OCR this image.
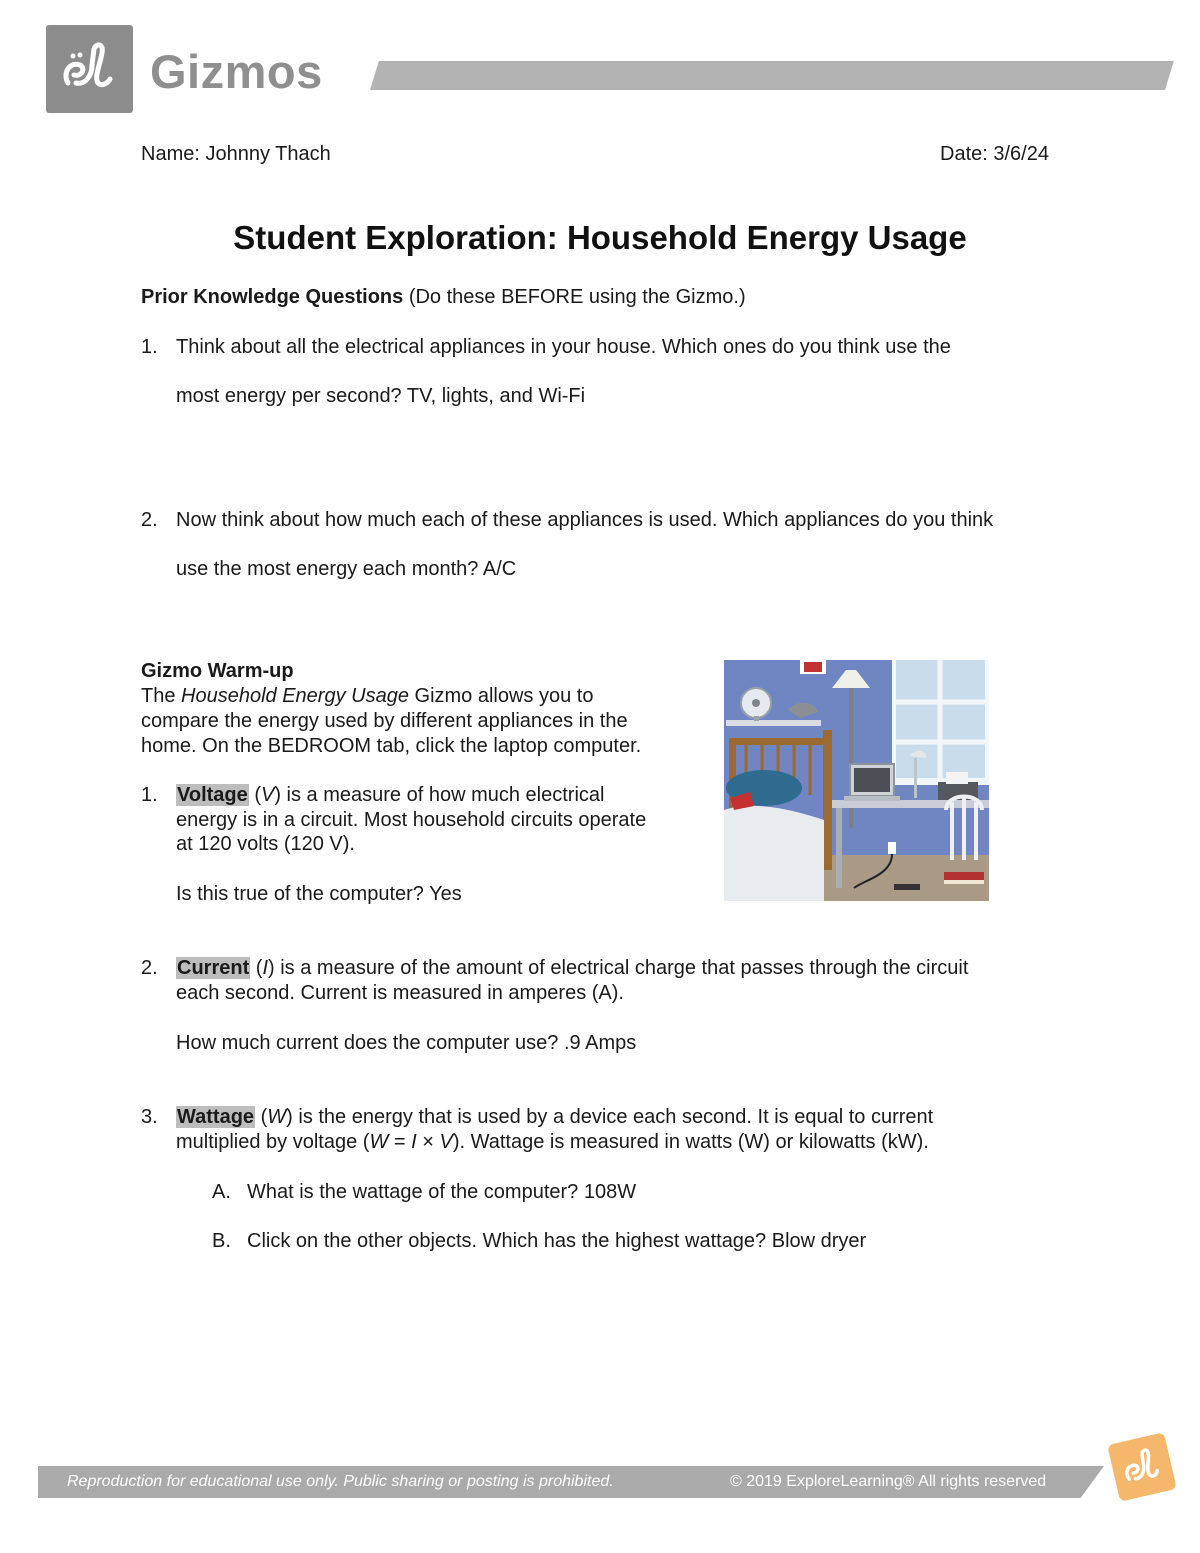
Gizmos
Name: Johnny Thach	Date: 3/6/24
Student Exploration: Household Energy Usage
Prior Knowledge Questions (Do these BEFORE using the Gizmo.)
1. Think about all the electrical appliances in your house. Which ones do you think use the
most energy per second? TV, lights, and Wi-Fi
2. Now think about how much each of these appliances is used. Which appliances do you think
use the most energy each month? A/C
Gizmo Warm-up
The Household Energy Usage Gizmo allows you to
compare the energy used by different appliances in the
home. On the BEDROOM tab, click the laptop computer.
1. Voltage (V) is a measure of how much electrical
energy is in a circuit. Most household circuits operate
at 120 volts (120 V).
Is this true of the computer? Yes
2. Current (I) is a measure of the amount of electrical charge that passes through the circuit
each second. Current is measured in amperes (A).
How much current does the computer use? .9 Amps
3. Wattage (W) is the energy that is used by a device each second. It is equal to current
multiplied by voltage (W = I × V). Wattage is measured in watts (W) or kilowatts (kW).
A. What is the wattage of the computer? 108W
B. Click on the other objects. Which has the highest wattage? Blow dryer
Reproduction for educational use only. Public sharing or posting is prohibited.	© 2019 ExploreLearning® All rights reserved
